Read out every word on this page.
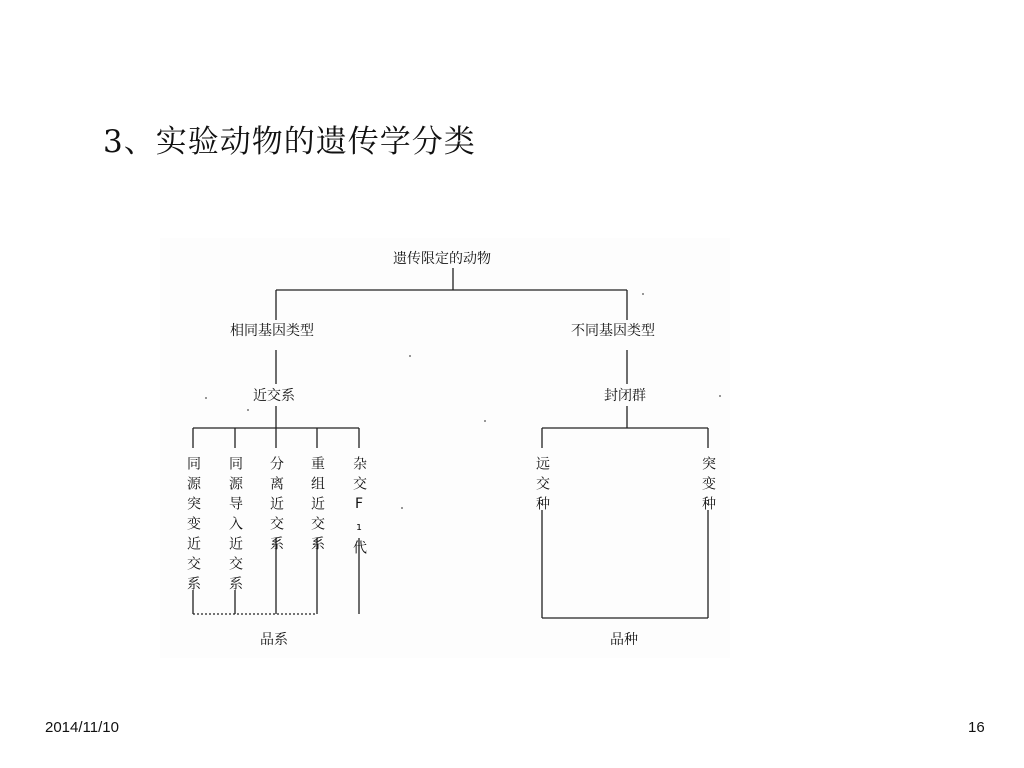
3、实验动物的遗传学分类
遗传限定的动物
相同基因类型	不同基因类型
近交系	封闭群
同源突变近交系 同源导入近交系 分离近交系 重组近交系 杂交F₁代	远交种	突变种
品系	品种
2014/11/10	16
